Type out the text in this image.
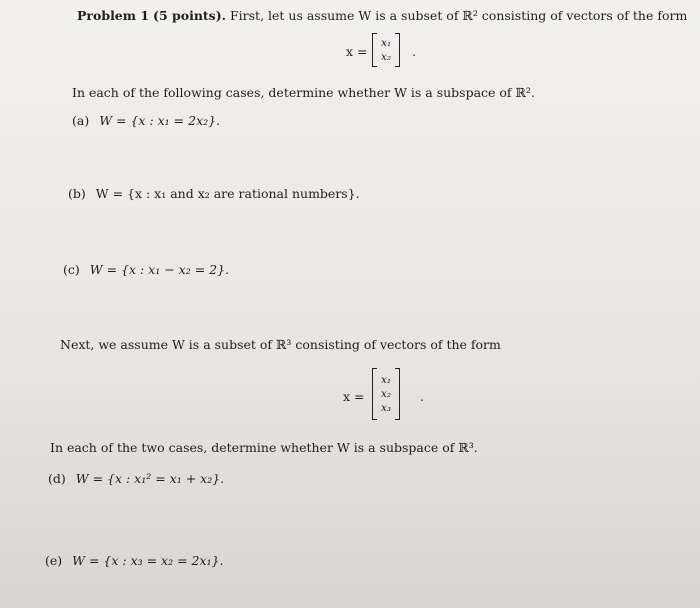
Problem 1 (5 points). First, let us assume W is a subset of ℝ² consisting of vectors of the form
x =
x₁
x₂ .
In each of the following cases, determine whether W is a subspace of ℝ².
(a) W = {x : x₁ = 2x₂}.
(b) W = {x : x₁ and x₂ are rational numbers}.
(c) W = {x : x₁ − x₂ = 2}.
Next, we assume W is a subset of ℝ³ consisting of vectors of the form
x =
x₁
x₂
x₃
.
In each of the two cases, determine whether W is a subspace of ℝ³.
(d) W = {x : x₁² = x₁ + x₂}.
(e) W = {x : x₃ = x₂ = 2x₁}.
